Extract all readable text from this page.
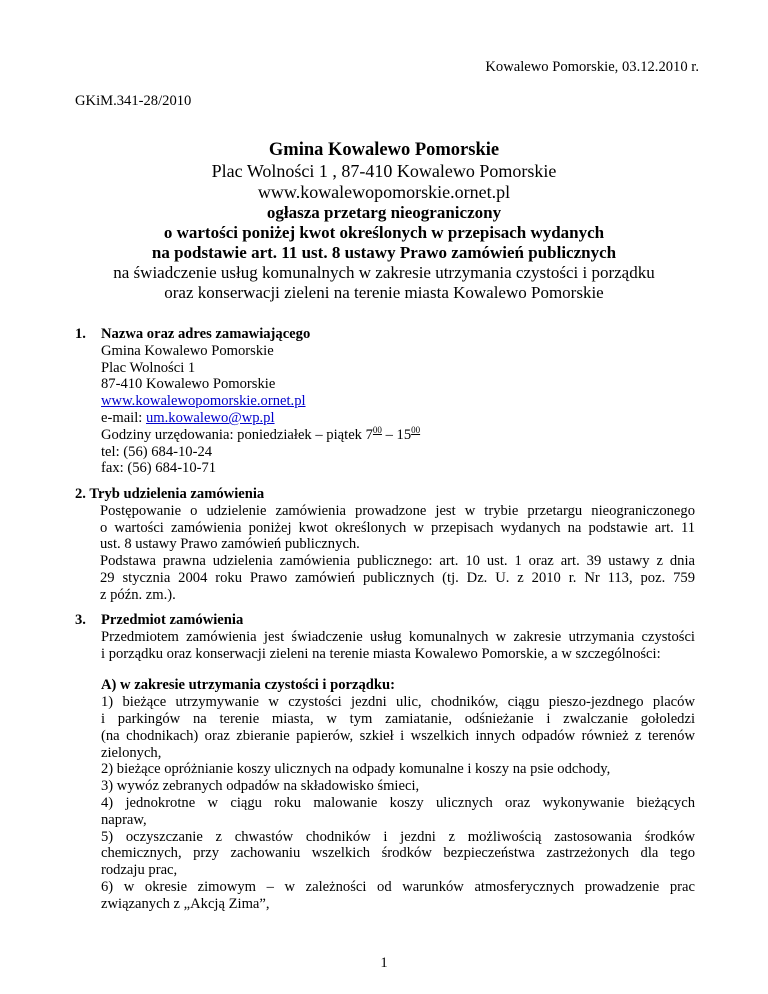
Kowalewo Pomorskie, 03.12.2010 r.
GKiM.341-28/2010
Gmina Kowalewo Pomorskie
Plac Wolności 1 , 87-410 Kowalewo Pomorskie
www.kowalewopomorskie.ornet.pl
ogłasza przetarg nieograniczony
o wartości poniżej kwot określonych w przepisach wydanych
na podstawie art. 11 ust. 8 ustawy Prawo zamówień publicznych
na świadczenie usług komunalnych w zakresie utrzymania czystości i porządku
oraz konserwacji zieleni na terenie miasta Kowalewo Pomorskie
1. Nazwa oraz adres zamawiającego
Gmina Kowalewo Pomorskie
Plac Wolności 1
87-410 Kowalewo Pomorskie
www.kowalewopomorskie.ornet.pl
e-mail: um.kowalewo@wp.pl
Godziny urzędowania: poniedziałek – piątek $7^{00} - 15^{00}$
tel: (56) 684-10-24
fax: (56) 684-10-71
2. Tryb udzielenia zamówienia
Postępowanie o udzielenie zamówienia prowadzone jest w trybie przetargu nieograniczonego
o wartości zamówienia poniżej kwot określonych w przepisach wydanych na podstawie art. 11
ust. 8 ustawy Prawo zamówień publicznych.
Podstawa prawna udzielenia zamówienia publicznego: art. 10 ust. 1 oraz art. 39 ustawy z dnia
29 stycznia 2004 roku Prawo zamówień publicznych (tj. Dz. U. z 2010 r. Nr 113, poz. 759
z późn. zm.).
3. Przedmiot zamówienia
Przedmiotem zamówienia jest świadczenie usług komunalnych w zakresie utrzymania czystości
i porządku oraz konserwacji zieleni na terenie miasta Kowalewo Pomorskie, a w szczególności:
A) w zakresie utrzymania czystości i porządku:
1) bieżące utrzymywanie w czystości jezdni ulic, chodników, ciągu pieszo-jezdnego placów
i parkingów na terenie miasta, w tym zamiatanie, odśnieżanie i zwalczanie gołoledzi
(na chodnikach) oraz zbieranie papierów, szkieł i wszelkich innych odpadów również z terenów
zielonych,
2) bieżące opróżnianie koszy ulicznych na odpady komunalne i koszy na psie odchody,
3) wywóz zebranych odpadów na składowisko śmieci,
4) jednokrotne w ciągu roku malowanie koszy ulicznych oraz wykonywanie bieżących
napraw,
5) oczyszczanie z chwastów chodników i jezdni z możliwością zastosowania środków
chemicznych, przy zachowaniu wszelkich środków bezpieczeństwa zastrzeżonych dla tego
rodzaju prac,
6) w okresie zimowym – w zależności od warunków atmosferycznych prowadzenie prac
związanych z „Akcją Zima”,
1
